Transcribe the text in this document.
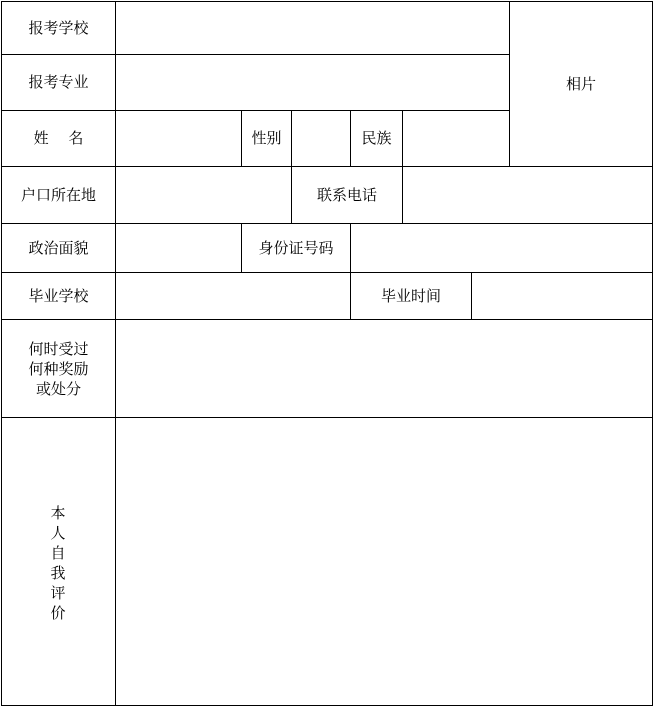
报考学校
报考专业	相片
姓　 名	性别	民族
户口所在地	联系电话
政治面貌	身份证号码
毕业学校	毕业时间
何时受过
何种奖励
或处分
本人自我评价
